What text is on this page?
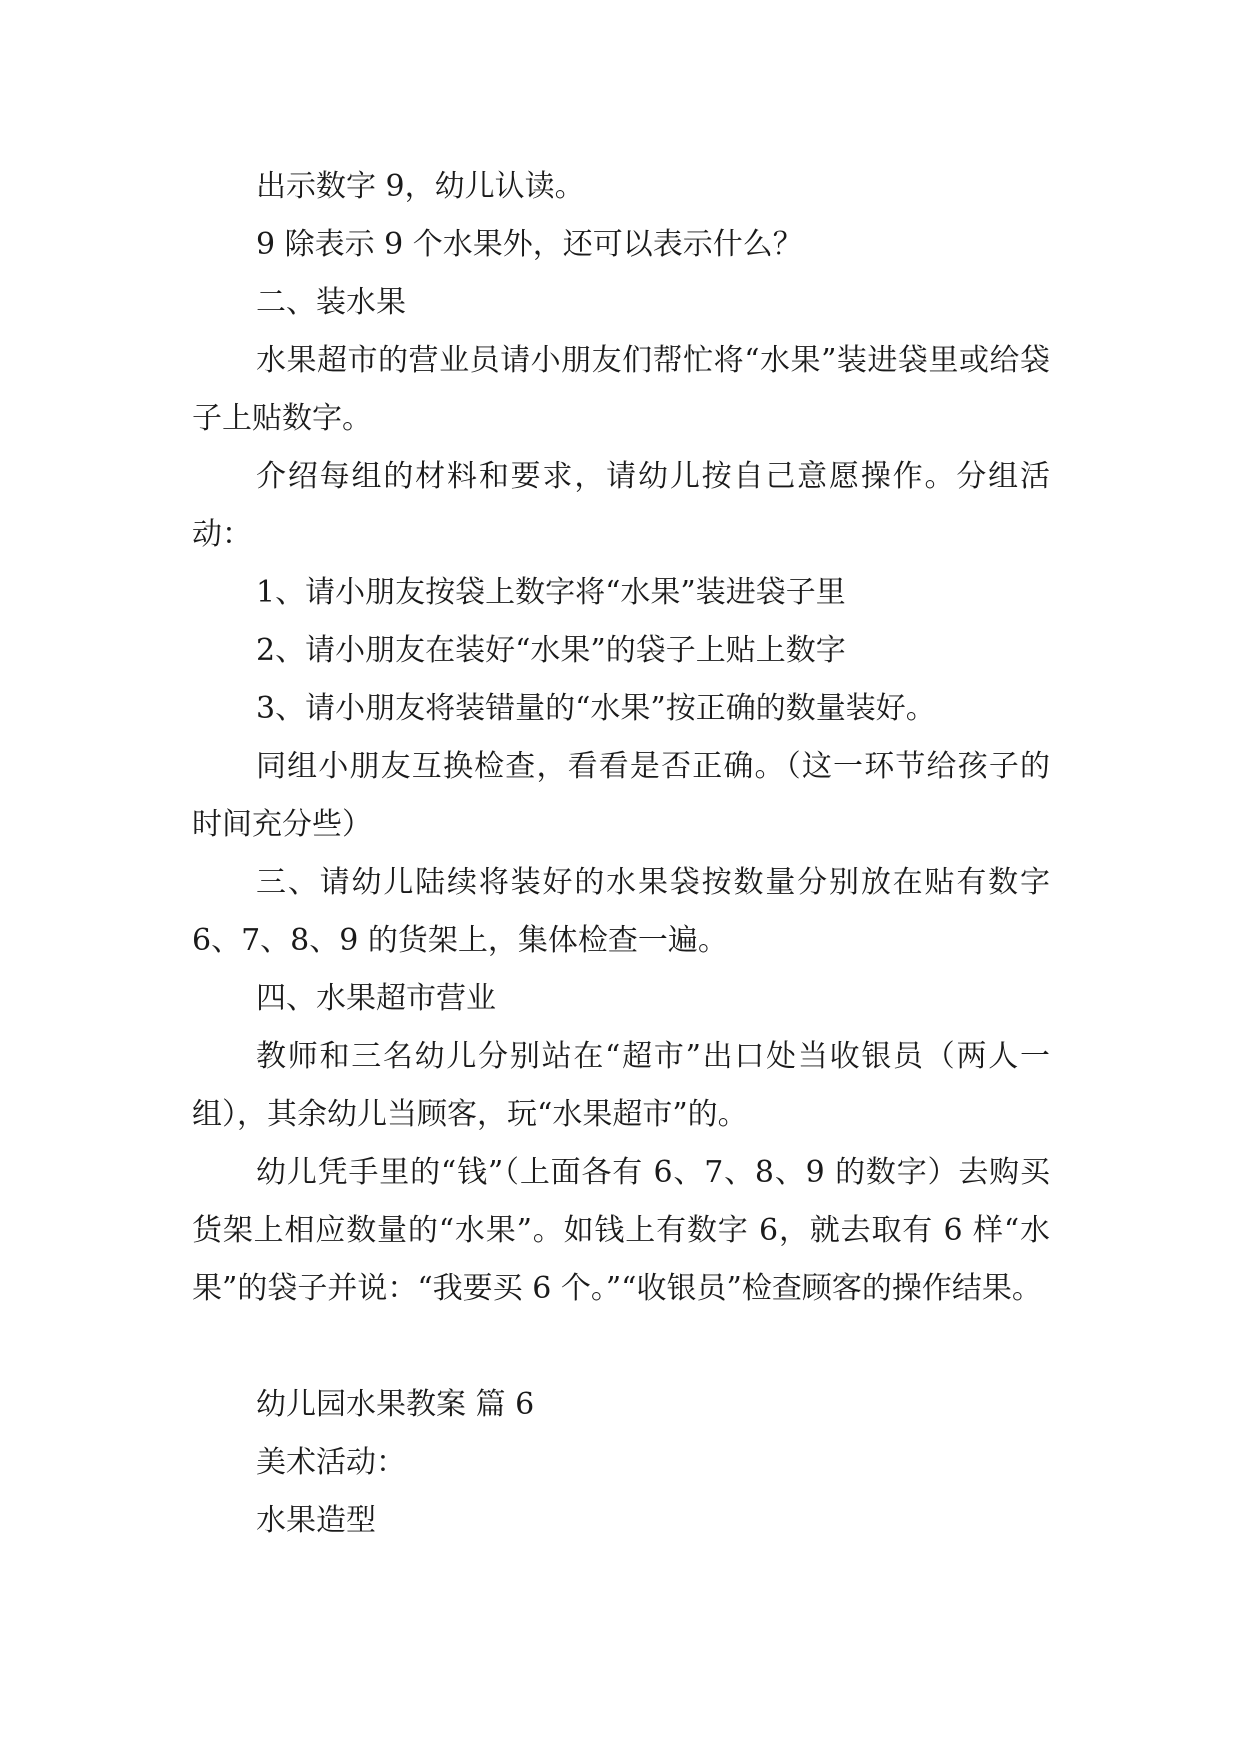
出示数字 9，幼儿认读。

9 除表示 9 个水果外，还可以表示什么？

二、装水果

水果超市的营业员请小朋友们帮忙将“水果”装进袋里或给袋子上贴数字。

介绍每组的材料和要求，请幼儿按自己意愿操作。分组活动：

1、请小朋友按袋上数字将“水果”装进袋子里

2、请小朋友在装好“水果”的袋子上贴上数字

3、请小朋友将装错量的“水果”按正确的数量装好。

同组小朋友互换检查，看看是否正确。（这一环节给孩子的时间充分些）

三、请幼儿陆续将装好的水果袋按数量分别放在贴有数字 6、7、8、9 的货架上，集体检查一遍。

四、水果超市营业

教师和三名幼儿分别站在“超市”出口处当收银员（两人一组），其余幼儿当顾客，玩“水果超市”的。

幼儿凭手里的“钱”（上面各有 6、7、8、9 的数字）去购买货架上相应数量的“水果”。如钱上有数字 6，就去取有 6 样“水果”的袋子并说：“我要买 6 个。”“收银员”检查顾客的操作结果。

幼儿园水果教案 篇 6

美术活动：

水果造型
